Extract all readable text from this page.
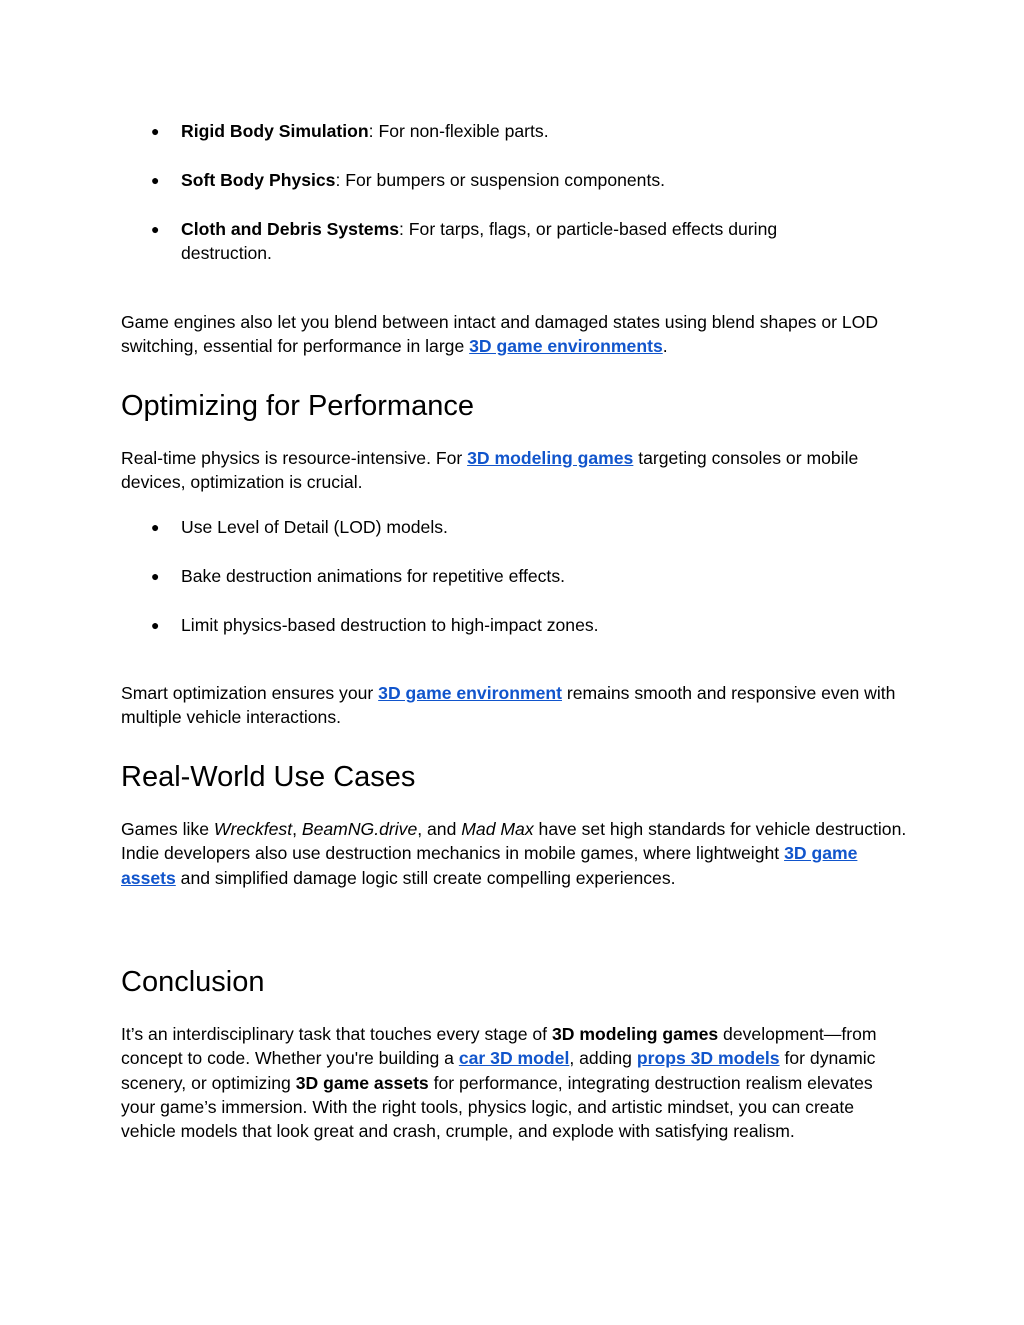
● Rigid Body Simulation: For non-flexible parts.
● Soft Body Physics: For bumpers or suspension components.
● Cloth and Debris Systems: For tarps, flags, or particle-based effects during destruction.

Game engines also let you blend between intact and damaged states using blend shapes or LOD switching, essential for performance in large 3D game environments.

Optimizing for Performance

Real-time physics is resource-intensive. For 3D modeling games targeting consoles or mobile devices, optimization is crucial.

● Use Level of Detail (LOD) models.
● Bake destruction animations for repetitive effects.
● Limit physics-based destruction to high-impact zones.

Smart optimization ensures your 3D game environment remains smooth and responsive even with multiple vehicle interactions.

Real-World Use Cases

Games like Wreckfest, BeamNG.drive, and Mad Max have set high standards for vehicle destruction. Indie developers also use destruction mechanics in mobile games, where lightweight 3D game assets and simplified damage logic still create compelling experiences.

Conclusion

It’s an interdisciplinary task that touches every stage of 3D modeling games development—from concept to code. Whether you're building a car 3D model, adding props 3D models for dynamic scenery, or optimizing 3D game assets for performance, integrating destruction realism elevates your game’s immersion. With the right tools, physics logic, and artistic mindset, you can create vehicle models that look great and crash, crumple, and explode with satisfying realism.
